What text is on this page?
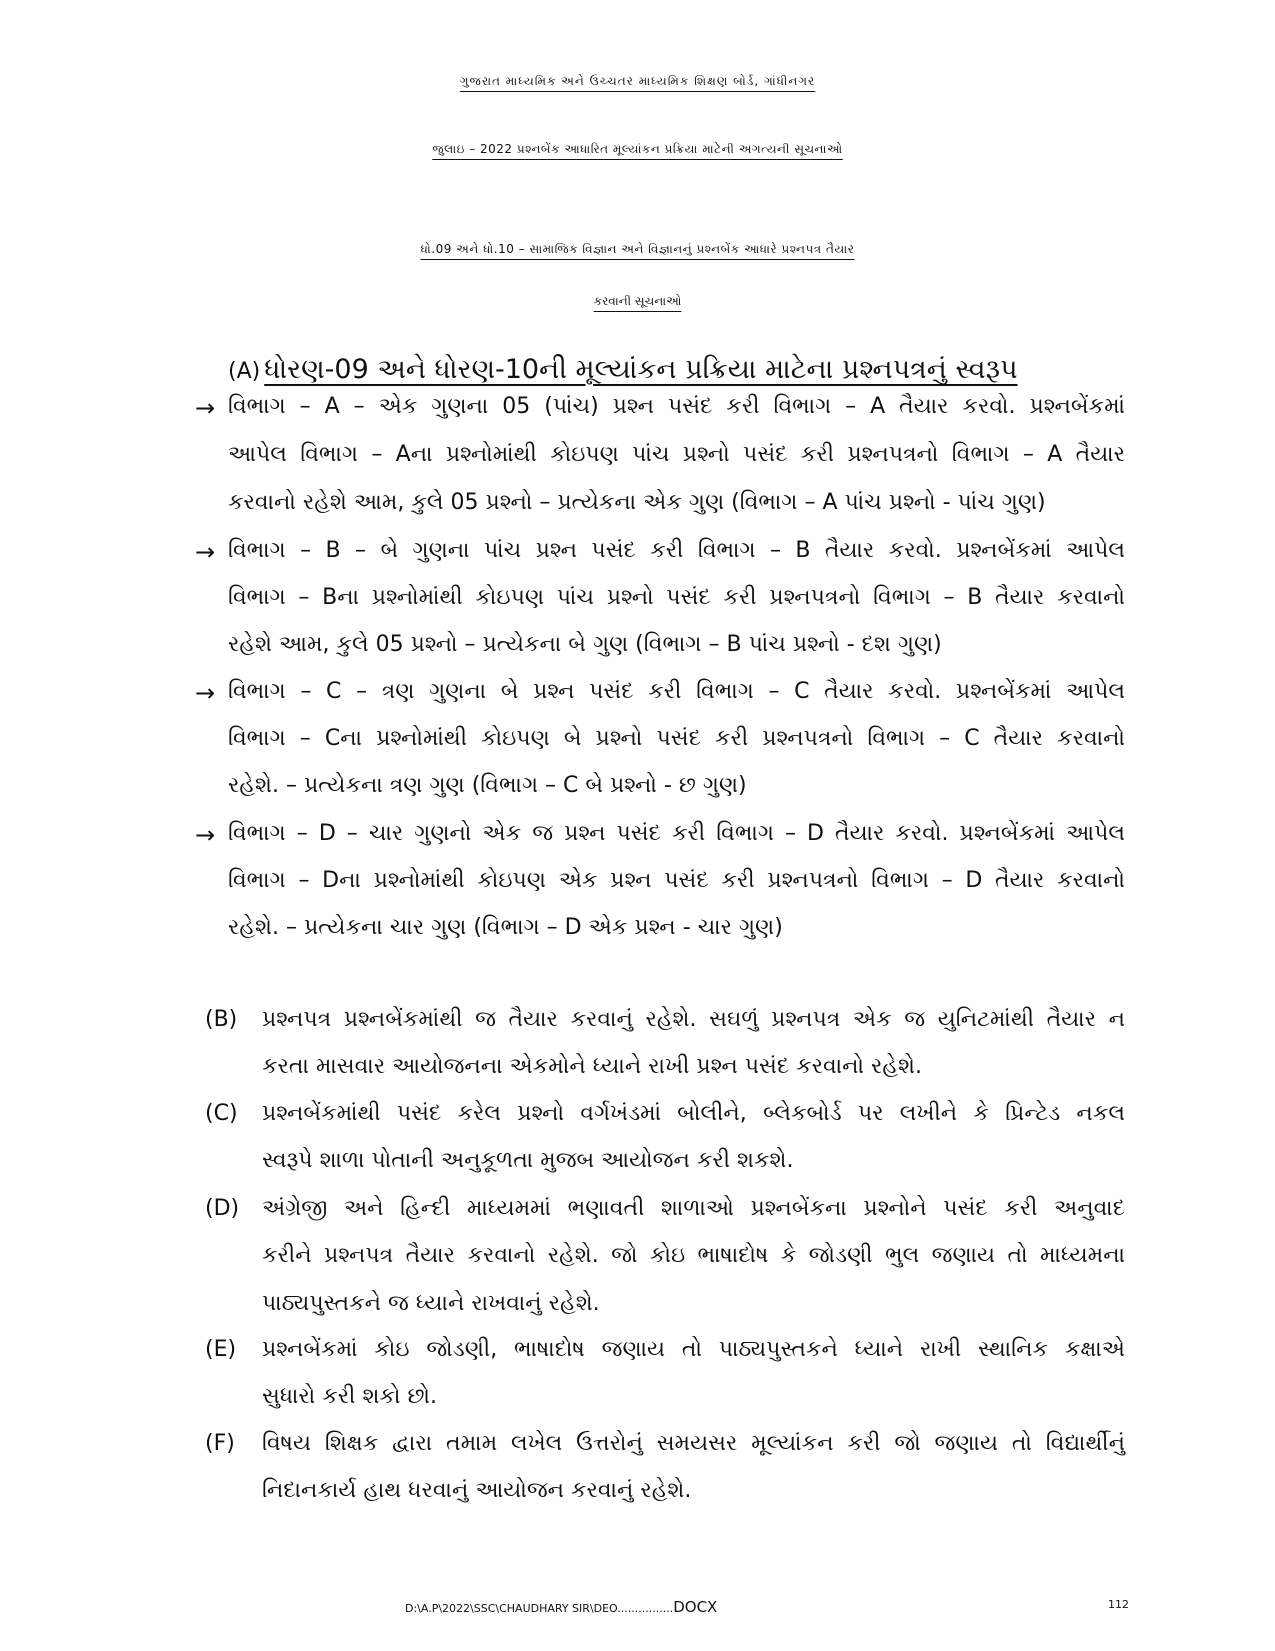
ગુજરાત માધ્યમિક અને ઉચ્ચતર માધ્યમિક શિક્ષણ બોર્ડ, ગાંધીનગર
જુલાઇ – 2022 પ્રશ્નબેંક આધારિત મૂલ્યાંકન પ્રક્રિયા માટેની અગત્યની સૂચનાઓ
ધો.09 અને ધો.10 – સામાજિક વિજ્ઞાન અને વિજ્ઞાનનું પ્રશ્નબેંક આધારે પ્રશ્નપત્ર તૈયાર
કરવાની સૂચનાઓ
(A) ધોરણ-09 અને ધોરણ-10ની મૂલ્યાંકન પ્રક્રિયા માટેના પ્રશ્નપત્રનું સ્વરૂપ
→ વિભાગ – A – એક ગુણના 05 (પાંચ) પ્રશ્ન પસંદ કરી વિભાગ – A તૈયાર કરવો. પ્રશ્નબેંકમાં
આપેલ વિભાગ – Aના પ્રશ્નોમાંથી કોઇપણ પાંચ પ્રશ્નો પસંદ કરી પ્રશ્નપત્રનો વિભાગ – A તૈયાર
કરવાનો રહેશે આમ, કુલે 05 પ્રશ્નો – પ્રત્યેકના એક ગુણ (વિભાગ – A પાંચ પ્રશ્નો - પાંચ ગુણ)
→ વિભાગ – B – બે ગુણના પાંચ પ્રશ્ન પસંદ કરી વિભાગ – B તૈયાર કરવો. પ્રશ્નબેંકમાં આપેલ
વિભાગ – Bના પ્રશ્નોમાંથી કોઇપણ પાંચ પ્રશ્નો પસંદ કરી પ્રશ્નપત્રનો વિભાગ – B તૈયાર કરવાનો
રહેશે આમ, કુલે 05 પ્રશ્નો – પ્રત્યેકના બે ગુણ (વિભાગ – B પાંચ પ્રશ્નો - દશ ગુણ)
→ વિભાગ – C – ત્રણ ગુણના બે પ્રશ્ન પસંદ કરી વિભાગ – C તૈયાર કરવો. પ્રશ્નબેંકમાં આપેલ
વિભાગ – Cના પ્રશ્નોમાંથી કોઇપણ બે પ્રશ્નો પસંદ કરી પ્રશ્નપત્રનો વિભાગ – C તૈયાર કરવાનો
રહેશે. – પ્રત્યેકના ત્રણ ગુણ (વિભાગ – C બે પ્રશ્નો - છ ગુણ)
→ વિભાગ – D – ચાર ગુણનો એક જ પ્રશ્ન પસંદ કરી વિભાગ – D તૈયાર કરવો. પ્રશ્નબેંકમાં આપેલ
વિભાગ – Dના પ્રશ્નોમાંથી કોઇપણ એક પ્રશ્ન પસંદ કરી પ્રશ્નપત્રનો વિભાગ – D તૈયાર કરવાનો
રહેશે. – પ્રત્યેકના ચાર ગુણ (વિભાગ – D એક પ્રશ્ન - ચાર ગુણ)
(B) પ્રશ્નપત્ર પ્રશ્નબેંકમાંથી જ તૈયાર કરવાનું રહેશે. સઘળું પ્રશ્નપત્ર એક જ યુનિટમાંથી તૈયાર ન
કરતા માસવાર આયોજનના એકમોને ધ્યાને રાખી પ્રશ્ન પસંદ કરવાનો રહેશે.
(C) પ્રશ્નબેંકમાંથી પસંદ કરેલ પ્રશ્નો વર્ગખંડમાં બોલીને, બ્લેકબોર્ડ પર લખીને કે પ્રિન્ટેડ નકલ
સ્વરૂપે શાળા પોતાની અનુકૂળતા મુજબ આયોજન કરી શકશે.
(D) અંગ્રેજી અને હિન્દી માધ્યમમાં ભણાવતી શાળાઓ પ્રશ્નબેંકના પ્રશ્નોને પસંદ કરી અનુવાદ
કરીને પ્રશ્નપત્ર તૈયાર કરવાનો રહેશે. જો કોઇ ભાષાદોષ કે જોડણી ભુલ જણાય તો માધ્યમના
પાઠ્યપુસ્તકને જ ધ્યાને રાખવાનું રહેશે.
(E) પ્રશ્નબેંકમાં કોઇ જોડણી, ભાષાદોષ જણાય તો પાઠ્યપુસ્તકને ધ્યાને રાખી સ્થાનિક કક્ષાએ
સુધારો કરી શકો છો.
(F) વિષય શિક્ષક દ્વારા તમામ લખેલ ઉત્તરોનું સમયસર મૂલ્યાંકન કરી જો જણાય તો વિદ્યાર્થીનું
નિદાનકાર્ય હાથ ધરવાનું આયોજન કરવાનું રહેશે.
D:\A.P\2022\SSC\CHAUDHARY SIR\DEO................DOCX	112
